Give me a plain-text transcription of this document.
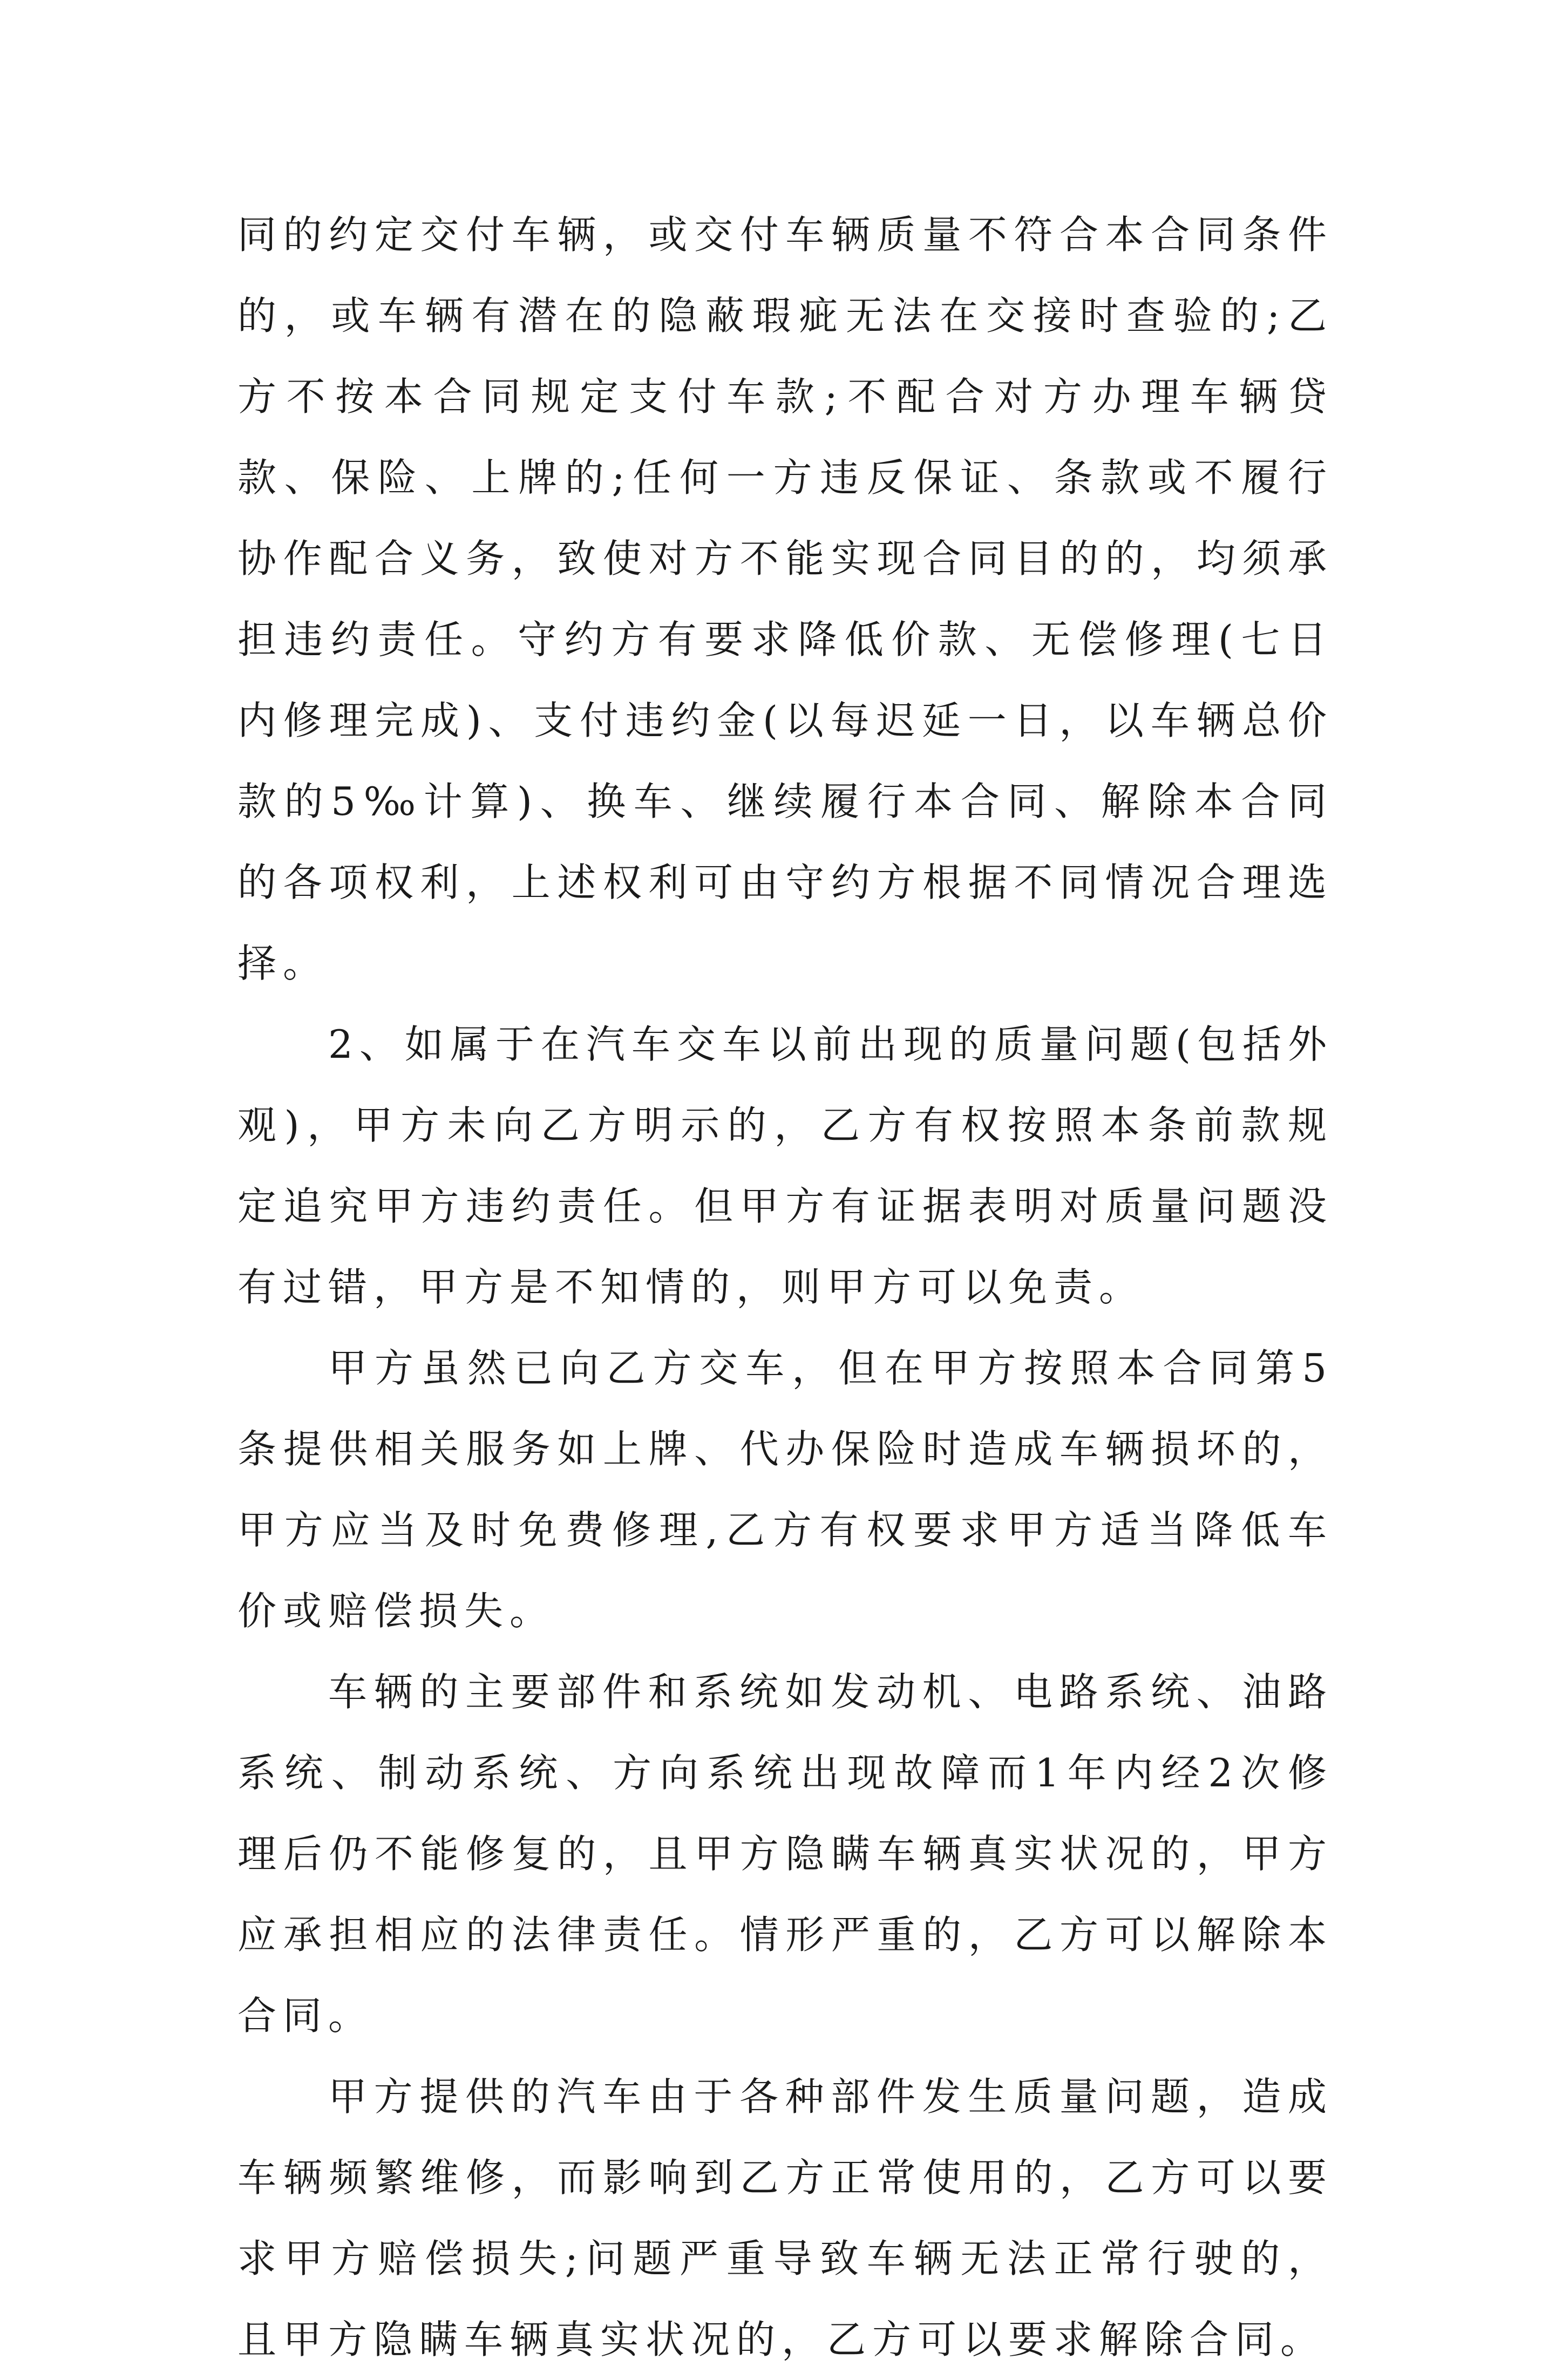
同的约定交付车辆，或交付车辆质量不符合本合同条件的，或车辆有潜在的隐蔽瑕疵无法在交接时查验的;乙方不按本合同规定支付车款;不配合对方办理车辆贷款、保险、上牌的;任何一方违反保证、条款或不履行协作配合义务，致使对方不能实现合同目的的，均须承担违约责任。守约方有要求降低价款、无偿修理(七日内修理完成)、支付违约金(以每迟延一日，以车辆总价款的5‰计算)、换车、继续履行本合同、解除本合同的各项权利，上述权利可由守约方根据不同情况合理选择。

2、如属于在汽车交车以前出现的质量问题(包括外观)，甲方未向乙方明示的，乙方有权按照本条前款规定追究甲方违约责任。但甲方有证据表明对质量问题没有过错，甲方是不知情的，则甲方可以免责。

甲方虽然已向乙方交车，但在甲方按照本合同第5条提供相关服务如上牌、代办保险时造成车辆损坏的，甲方应当及时免费修理,乙方有权要求甲方适当降低车价或赔偿损失。

车辆的主要部件和系统如发动机、电路系统、油路系统、制动系统、方向系统出现故障而1年内经2次修理后仍不能修复的，且甲方隐瞒车辆真实状况的，甲方应承担相应的法律责任。情形严重的，乙方可以解除本合同。

甲方提供的汽车由于各种部件发生质量问题，造成车辆频繁维修，而影响到乙方正常使用的，乙方可以要求甲方赔偿损失;问题严重导致车辆无法正常行驶的，且甲方隐瞒车辆真实状况的，乙方可以要求解除合同。
